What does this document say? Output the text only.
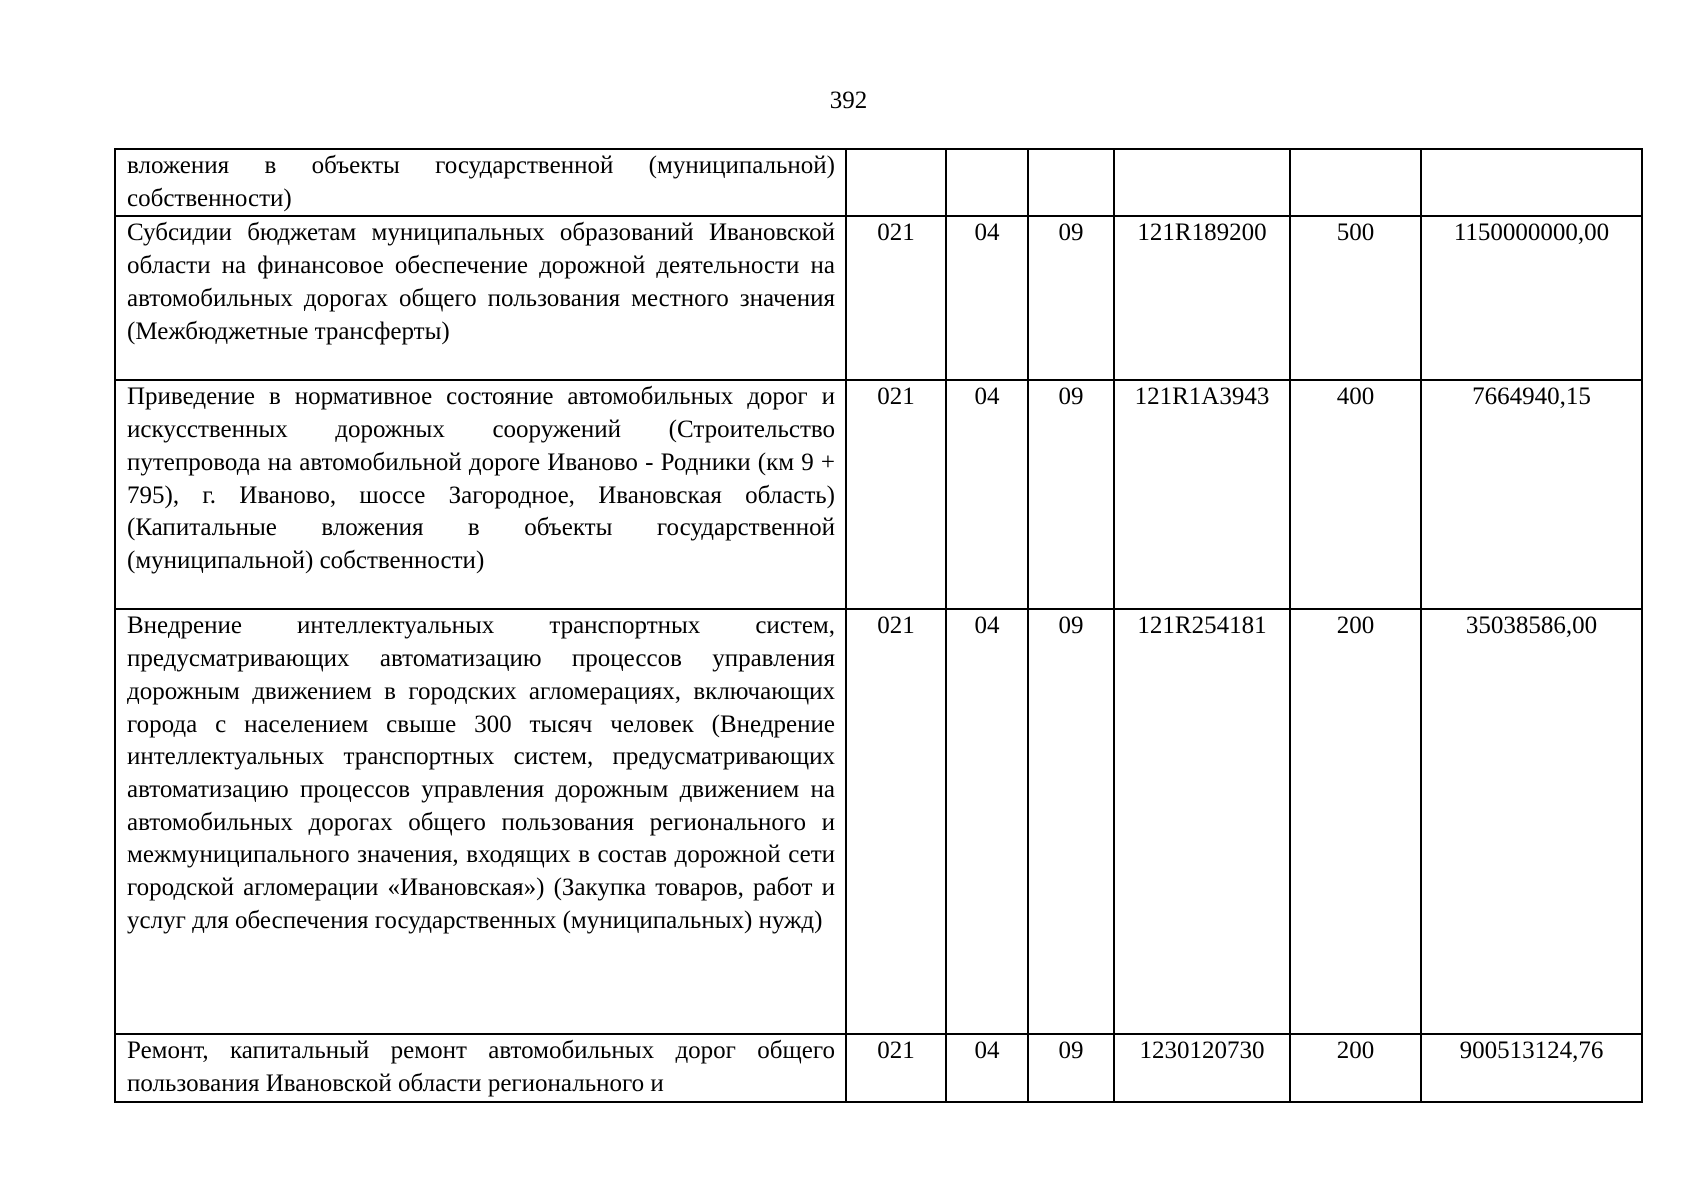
392
вложения в объекты государственной (муниципальной) собственности)						
Субсидии бюджетам муниципальных образований Ивановской области на финансовое обеспечение дорожной деятельности на автомобильных дорогах общего пользования местного значения (Межбюджетные трансферты)	021	04	09	121R189200	500	1150000000,00
Приведение в нормативное состояние автомобильных дорог и искусственных дорожных сооружений (Строительство путепровода на автомобильной дороге Иваново - Родники (км 9 + 795), г. Иваново, шоссе Загородное, Ивановская область) (Капитальные вложения в объекты государственной (муниципальной) собственности)	021	04	09	121R1A3943	400	7664940,15
Внедрение интеллектуальных транспортных систем, предусматривающих автоматизацию процессов управления дорожным движением в городских агломерациях, включающих города с населением свыше 300 тысяч человек (Внедрение интеллектуальных транспортных систем, предусматривающих автоматизацию процессов управления дорожным движением на автомобильных дорогах общего пользования регионального и межмуниципального значения, входящих в состав дорожной сети городской агломерации «Ивановская») (Закупка товаров, работ и услуг для обеспечения государственных (муниципальных) нужд)	021	04	09	121R254181	200	35038586,00
Ремонт, капитальный ремонт автомобильных дорог общего пользования Ивановской области регионального и	021	04	09	1230120730	200	900513124,76
